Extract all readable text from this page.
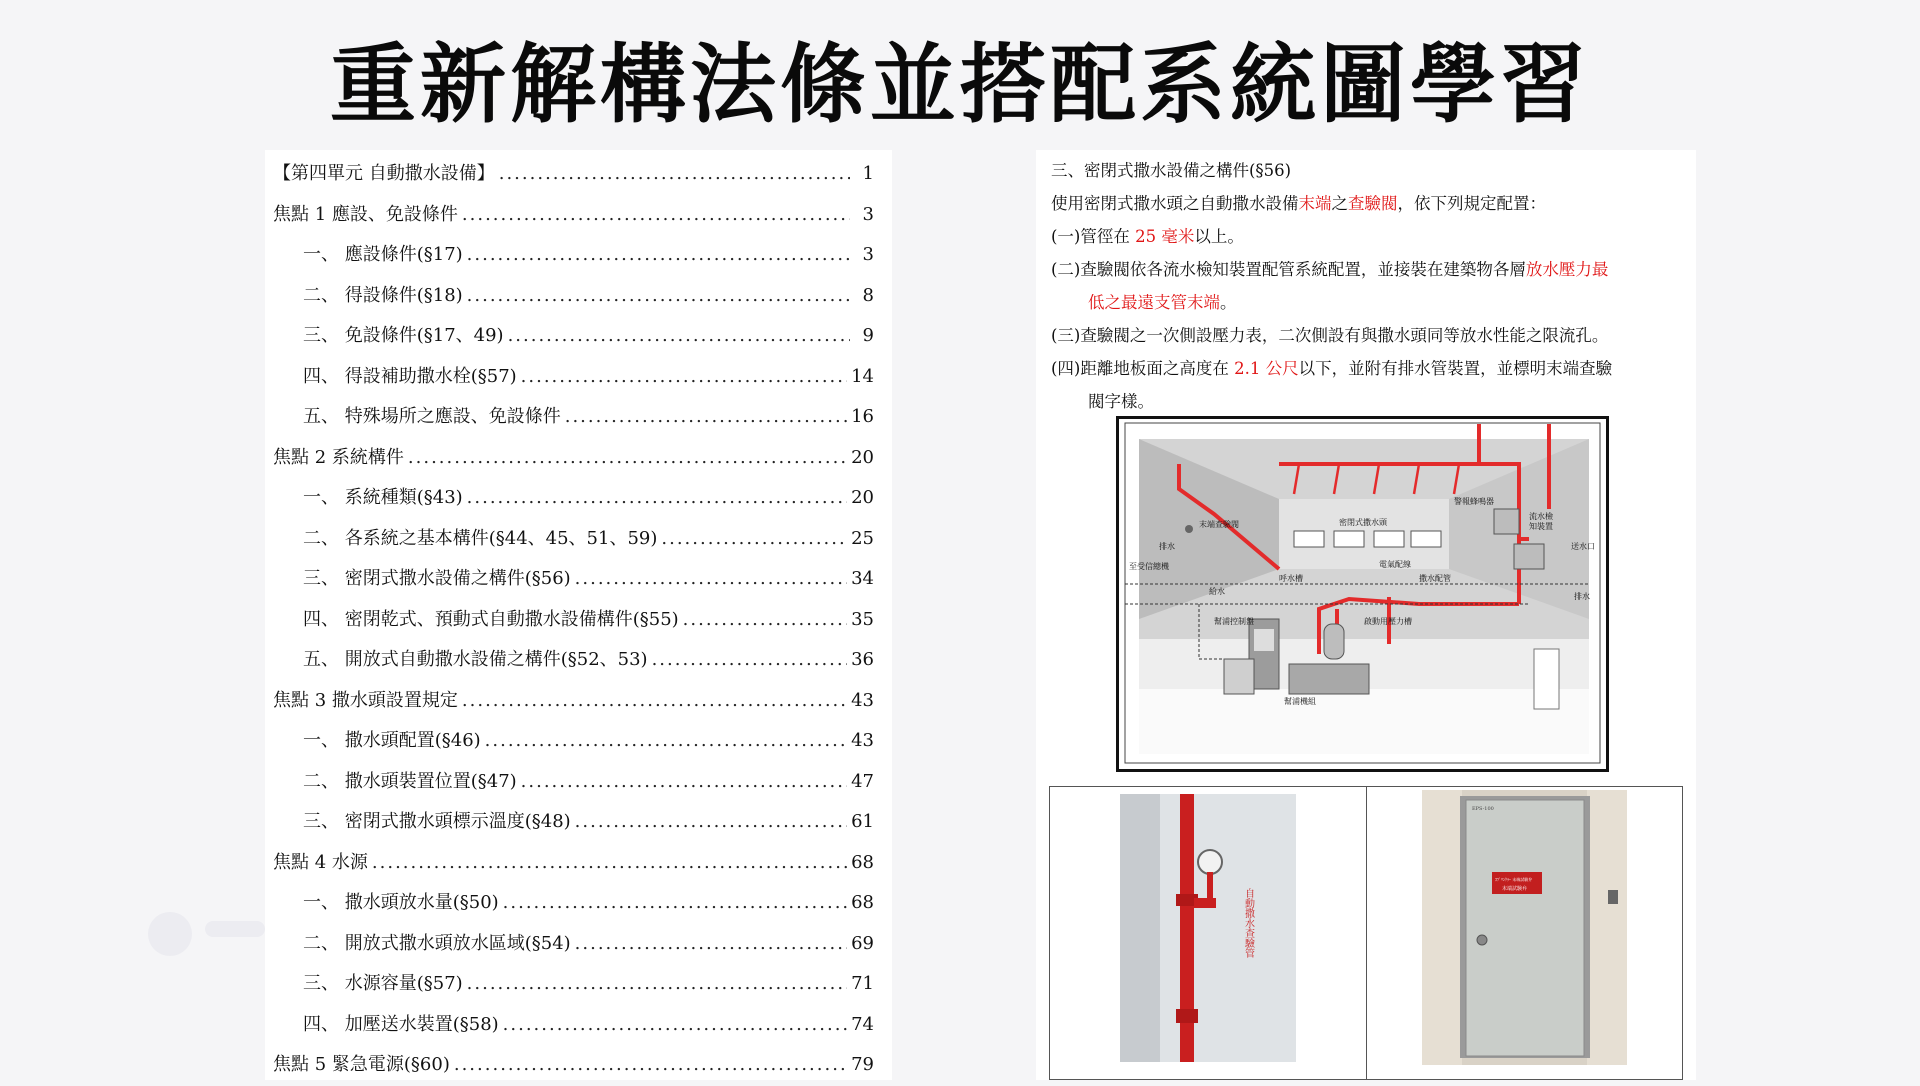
重新解構法條並搭配系統圖學習
【第四單元 自動撒水設備】 .....	1
焦點 1 應設、免設條件 .....	3
一、 應設條件(§17) .....	3
二、 得設條件(§18) .....	8
三、 免設條件(§17、49) .....	9
四、 得設補助撒水栓(§57) .....	14
五、 特殊場所之應設、免設條件 .....	16
焦點 2 系統構件 .....	20
一、 系統種類(§43) .....	20
二、 各系統之基本構件(§44、45、51、59) .....	25
三、 密閉式撒水設備之構件(§56) .....	34
四、 密閉乾式、預動式自動撒水設備構件(§55) .....	35
五、 開放式自動撒水設備之構件(§52、53) .....	36
焦點 3 撒水頭設置規定 .....	43
一、 撒水頭配置(§46) .....	43
二、 撒水頭裝置位置(§47) .....	47
三、 密閉式撒水頭標示溫度(§48) .....	61
焦點 4 水源 .....	68
一、 撒水頭放水量(§50) .....	68
二、 開放式撒水頭放水區域(§54) .....	69
三、 水源容量(§57) .....	71
四、 加壓送水裝置(§58) .....	74
焦點 5 緊急電源(§60) .....	79
三、密閉式撒水設備之構件(§56)
使用密閉式撒水頭之自動撒水設備末端之查驗閥，依下列規定配置：
(一)管徑在 25 毫米以上。
(二)查驗閥依各流水檢知裝置配管系統配置，並接裝在建築物各層放水壓力最
低之最遠支管末端。
(三)查驗閥之一次側設壓力表，二次側設有與撒水頭同等放水性能之限流孔。
(四)距離地板面之高度在 2.1 公尺以下，並附有排水管裝置，並標明末端查驗
閥字樣。
末端查驗閥	密閉式撒水頭
警報蜂鳴器
流水檢
知裝置
送水口
排水
排水
至受信總機	電氣配線
給水
呼水槽	撒水配管
啟動用壓力槽
幫浦控制盤
幫浦機組
自動撒水查驗管
EPS-100
ｽﾌﾟﾘﾝｸﾗｰ 末端試験弁
末端試験弁
